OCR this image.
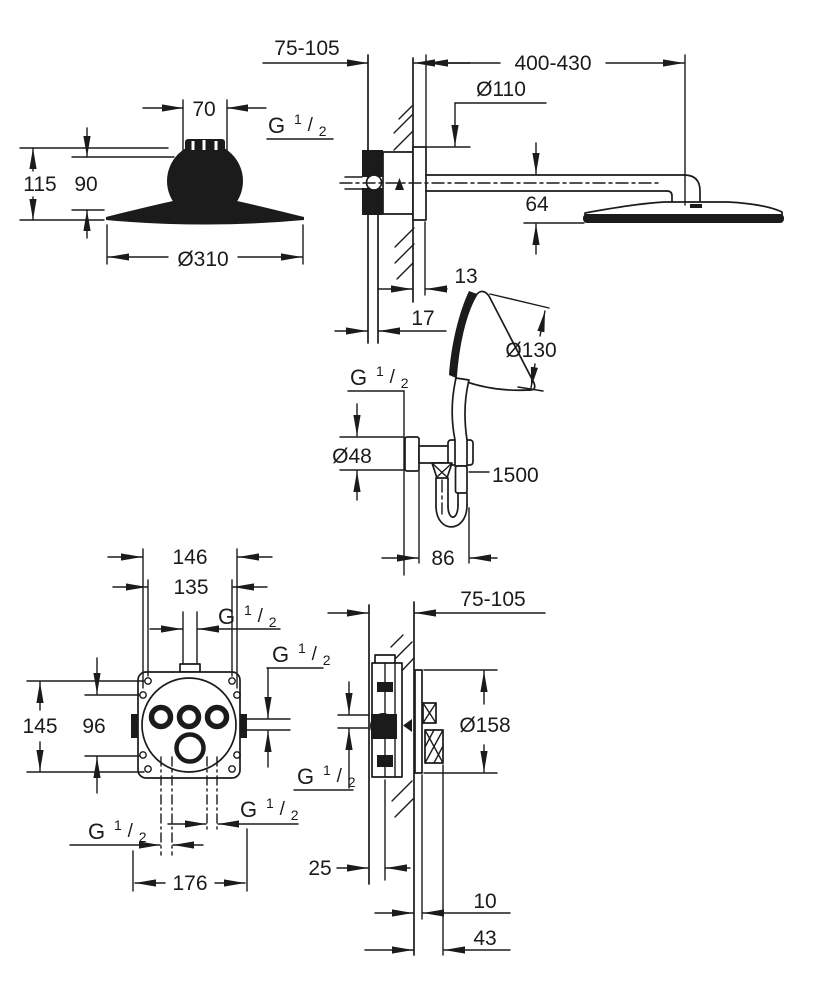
70
115 90
Ø310
75-105
400-430
Ø110
64
13
17
G $^1$ / $_2$
Ø130
G $^1$ / $_2$
Ø48
1500
86
146
135
G $^1$ / $_2$
145 96
G $^1$ / $_2$
G $^1$ / $_2$
G $^1$ / $_2$
176
75-105
Ø158
G $^1$ / $_2$
25
10
43
